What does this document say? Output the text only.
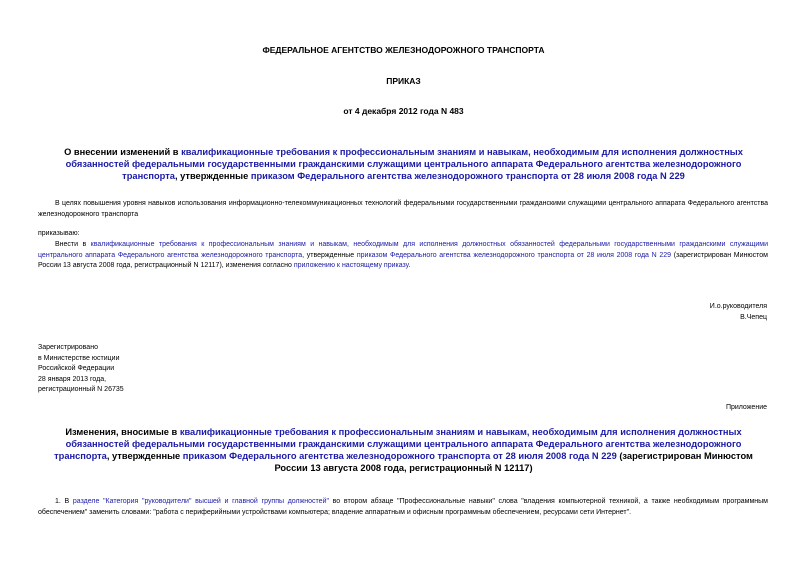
ФЕДЕРАЛЬНОЕ АГЕНТСТВО ЖЕЛЕЗНОДОРОЖНОГО ТРАНСПОРТА
ПРИКАЗ
от 4 декабря 2012 года N 483
О внесении изменений в квалификационные требования к профессиональным знаниям и навыкам, необходимым для исполнения должностных обязанностей федеральными государственными гражданскими служащими центрального аппарата Федерального агентства железнодорожного транспорта, утвержденные приказом Федерального агентства железнодорожного транспорта от 28 июля 2008 года N 229
В целях повышения уровня навыков использования информационно-телекоммуникационных технологий федеральными государственными гражданскими служащими центрального аппарата Федерального агентства железнодорожного транспорта
приказываю:
Внести в квалификационные требования к профессиональным знаниям и навыкам, необходимым для исполнения должностных обязанностей федеральными государственными гражданскими служащими центрального аппарата Федерального агентства железнодорожного транспорта, утвержденные приказом Федерального агентства железнодорожного транспорта от 28 июля 2008 года N 229 (зарегистрирован Минюстом России 13 августа 2008 года, регистрационный N 12117), изменения согласно приложению к настоящему приказу.
И.о.руководителя
В.Чепец
Зарегистрировано
в Министерстве юстиции
Российской Федерации
28 января 2013 года,
регистрационный N 26735
Приложение
Изменения, вносимые в квалификационные требования к профессиональным знаниям и навыкам, необходимым для исполнения должностных обязанностей федеральными государственными гражданскими служащими центрального аппарата Федерального агентства железнодорожного транспорта, утвержденные приказом Федерального агентства железнодорожного транспорта от 28 июля 2008 года N 229 (зарегистрирован Минюстом России 13 августа 2008 года, регистрационный N 12117)
1. В разделе "Категория "руководители" высшей и главной группы должностей" во втором абзаце "Профессиональные навыки" слова "владения компьютерной техникой, а также необходимым программным обеспечением" заменить словами: "работа с периферийными устройствами компьютера; владение аппаратным и офисным программным обеспечением, ресурсами сети Интернет".
